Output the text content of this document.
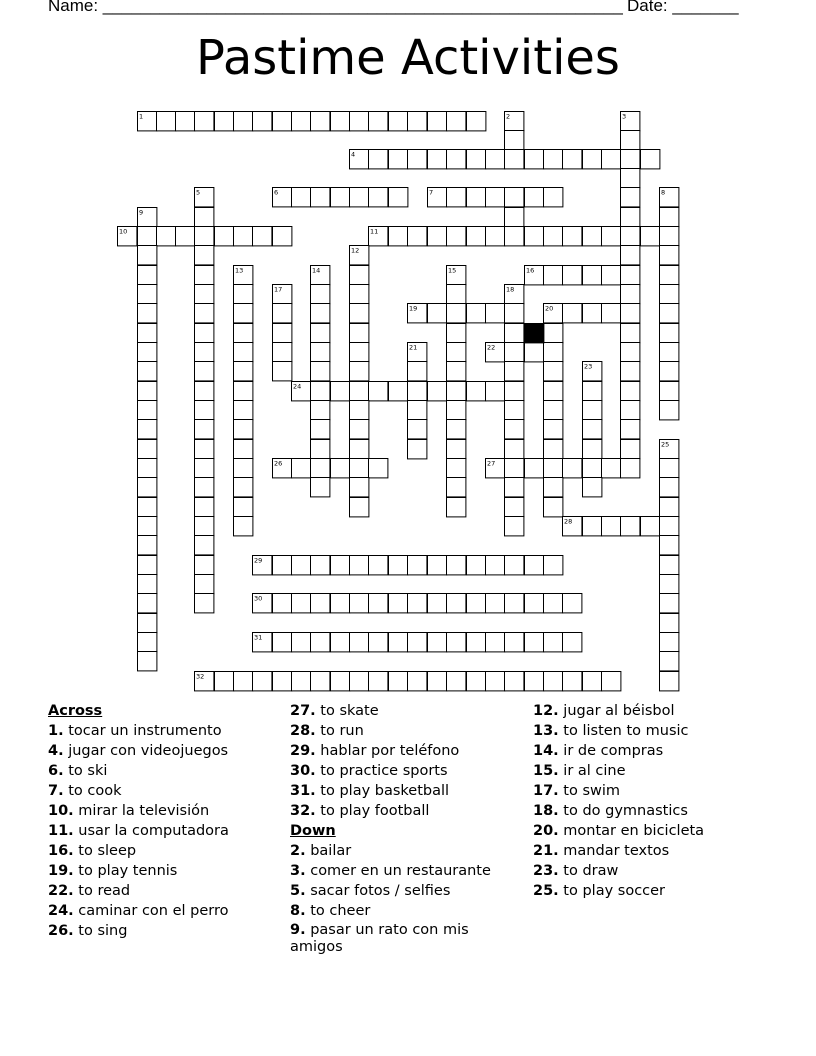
Name: _______________________________________________________ Date: _______
Pastime Activities
1	2	3
4
5	6	7	8
9
10	11
12
13	14	15	16
17	18
19	20
21	22
23
24
25
26	27
28
29
30
31
32
Across
1. tocar un instrumento
4. jugar con videojuegos
6. to ski
7. to cook
10. mirar la televisión
11. usar la computadora
16. to sleep
19. to play tennis
22. to read
24. caminar con el perro
26. to sing
27. to skate
28. to run
29. hablar por teléfono
30. to practice sports
31. to play basketball
32. to play football
Down
2. bailar
3. comer en un restaurante
5. sacar fotos / selfies
8. to cheer
9. pasar un rato con mis amigos
12. jugar al béisbol
13. to listen to music
14. ir de compras
15. ir al cine
17. to swim
18. to do gymnastics
20. montar en bicicleta
21. mandar textos
23. to draw
25. to play soccer
